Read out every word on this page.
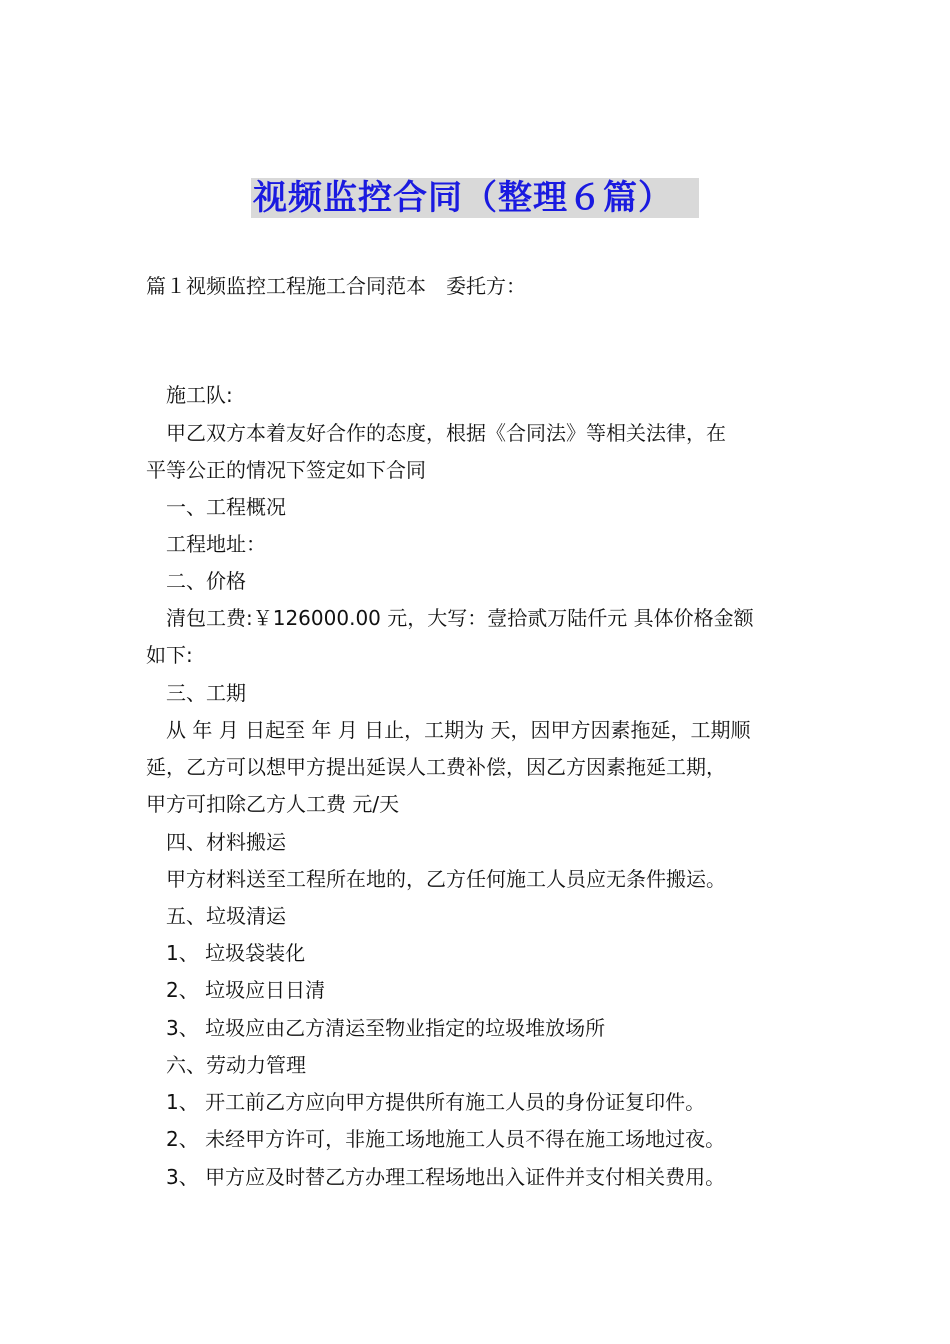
视频监控合同（整理６篇）
篇１视频监控工程施工合同范本　委托方：
施工队:
甲乙双方本着友好合作的态度，根据《合同法》等相关法律，在
平等公正的情况下签定如下合同
一、工程概况
工程地址：
二、价格
清包工费:￥126000.00 元，大写：壹拾贰万陆仟元 具体价格金额
如下:
三、工期
从 年 月 日起至 年 月 日止，工期为 天，因甲方因素拖延，工期顺
延，乙方可以想甲方提出延误人工费补偿，因乙方因素拖延工期，
甲方可扣除乙方人工费 元/天
四、材料搬运
甲方材料送至工程所在地的，乙方任何施工人员应无条件搬运。
五、垃圾清运
1、 垃圾袋装化
2、 垃圾应日日清
3、 垃圾应由乙方清运至物业指定的垃圾堆放场所
六、劳动力管理
1、 开工前乙方应向甲方提供所有施工人员的身份证复印件。
2、 未经甲方许可，非施工场地施工人员不得在施工场地过夜。
3、 甲方应及时替乙方办理工程场地出入证件并支付相关费用。
